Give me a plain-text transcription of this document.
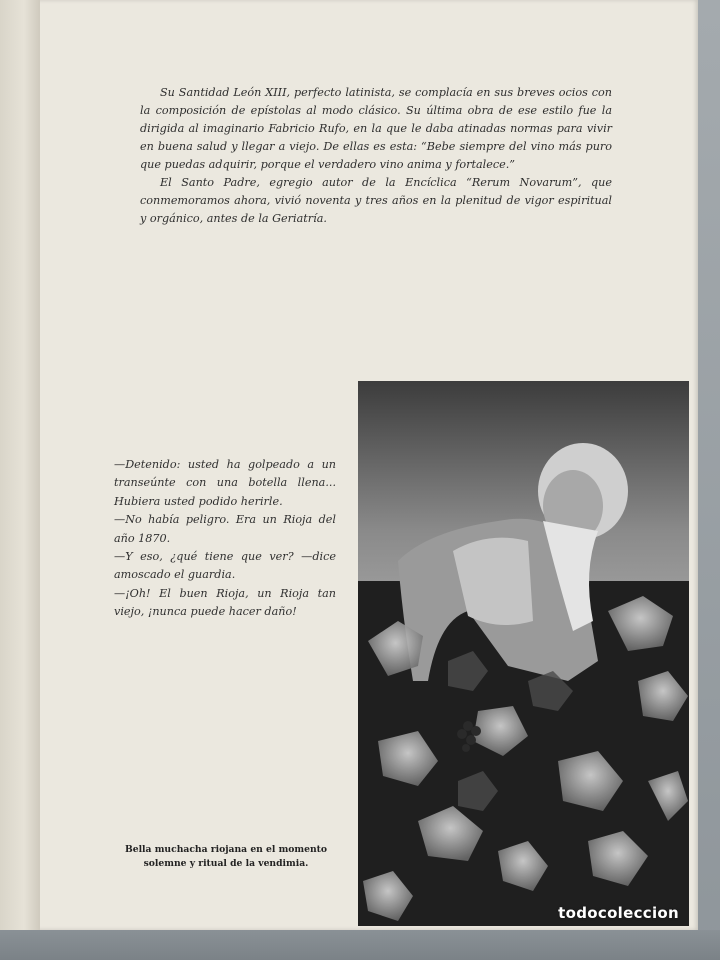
Su Santidad León XIII, perfecto latinista, se complacía en sus breves ocios con la composición de epístolas al modo clásico. Su última obra de ese estilo fue la dirigida al imaginario Fabricio Rufo, en la que le daba atinadas normas para vivir en buena salud y llegar a viejo. De ellas es esta: “Bebe siempre del vino más puro que puedas adquirir, porque el verdadero vino anima y fortalece.”

El Santo Padre, egregio autor de la Encíclica “Rerum Novarum”, que conmemoramos ahora, vivió noventa y tres años en la plenitud de vigor espiritual y orgánico, antes de la Geriatría.

—Detenido: usted ha golpeado a un transeúnte con una botella llena... Hubiera usted podido herirle.

—No había peligro. Era un Rioja del año 1870.

—Y eso, ¿qué tiene que ver? —dice amoscado el guardia.

—¡Oh! El buen Rioja, un Rioja tan viejo, ¡nunca puede hacer daño!

Bella muchacha riojana en el momento solemne y ritual de la vendimia.
todocoleccion
